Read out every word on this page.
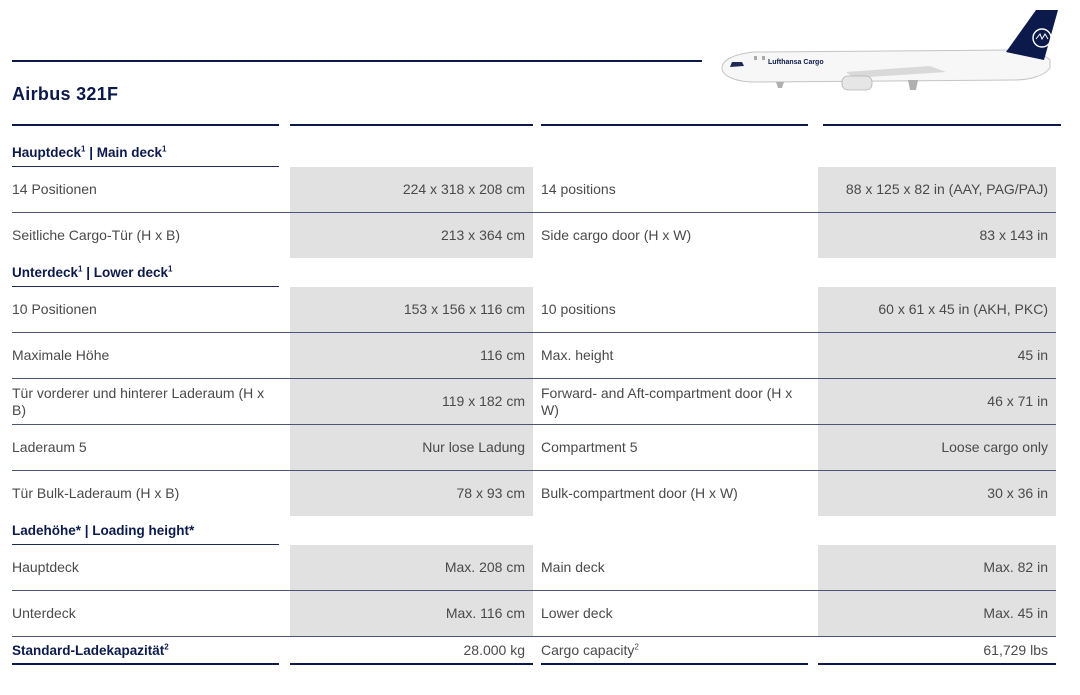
Airbus 321F
Lufthansa Cargo
Hauptdeck$^1$ | Main deck$^1$						
14 Positionen		224 x 318 x 208 cm		14 positions		88 x 125 x 82 in (AAY, PAG/PAJ)
Seitliche Cargo-Tür (H x B)		213 x 364 cm		Side cargo door (H x W)		83 x 143 in
Unterdeck$^1$ | Lower deck$^1$						
10 Positionen		153 x 156 x 116 cm		10 positions		60 x 61 x 45 in (AKH, PKC)
Maximale Höhe		116 cm		Max. height		45 in
Tür vorderer und hinterer Laderaum (H x B)		119 x 182 cm		Forward- and Aft-compartment door (H x W)		46 x 71 in
Laderaum 5		Nur lose Ladung		Compartment 5		Loose cargo only
Tür Bulk-Laderaum (H x B)		78 x 93 cm		Bulk-compartment door (H x W)		30 x 36 in
Ladehöhe* | Loading height*						
Hauptdeck		Max. 208 cm		Main deck		Max. 82 in
Unterdeck		Max. 116 cm		Lower deck		Max. 45 in
Standard-Ladekapazität$^2$		28.000 kg		Cargo capacity$^2$		61,729 lbs
